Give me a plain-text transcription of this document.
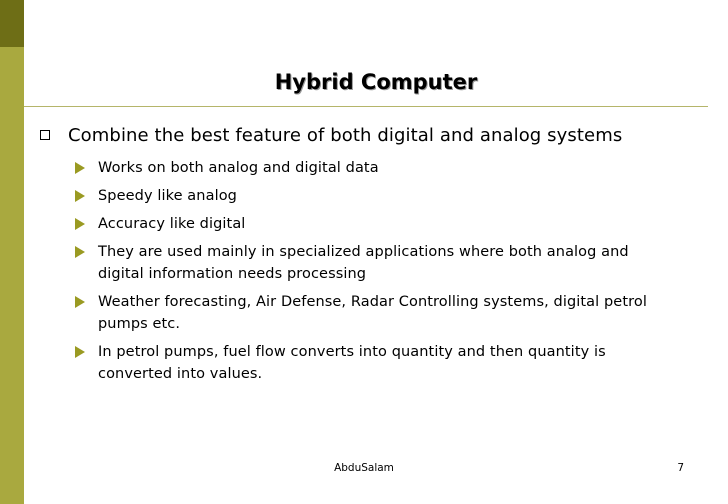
Hybrid Computer
Combine the best feature of both digital and analog systems
Works on both analog and digital data
Speedy like analog
Accuracy like digital
They are used mainly in specialized applications where both analog and digital information needs processing
Weather forecasting, Air Defense, Radar Controlling systems, digital petrol pumps etc.
In petrol pumps, fuel flow converts into quantity and then quantity is converted into values.
AbduSalam	7
